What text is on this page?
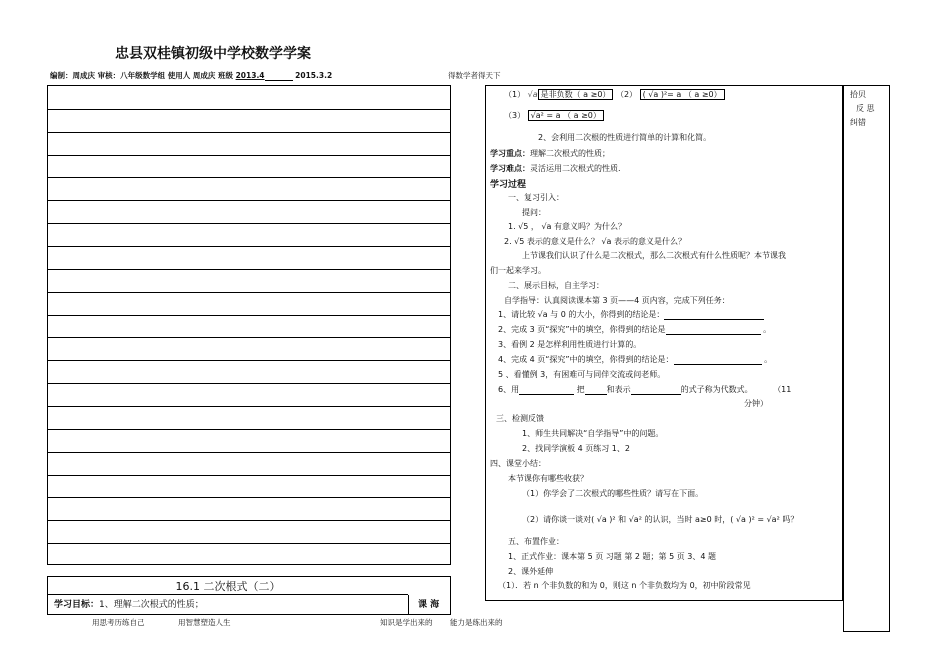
忠县双桂镇初级中学校数学学案
编制：周成庆 审核：八年级数学组 使用人 周成庆 班级 2013.4	2015.3.2	得数学者得天下
16.1 二次根式（二）
学习目标：1、理解二次根式的性质；	课 海
（1） √a 是非负数（ a ≥0） （2） ( √a )²= a （ a ≥0）
（3） √a² = a （ a ≥0）
2、会利用二次根的性质进行简单的计算和化简。
学习重点：理解二次根式的性质；
学习难点：灵活运用二次根式的性质.
学习过程
一、复习引入：
提问：
1. √5 ， √a 有意义吗？为什么？
2. √5 表示的意义是什么？ √a 表示的意义是什么？
上节课我们认识了什么是二次根式，那么二次根式有什么性质呢？本节课我
们一起来学习。
二、展示目标，自主学习：
自学指导：认真阅读课本第 3 页——4 页内容，完成下列任务：
1、请比较 √a 与 0 的大小，你得到的结论是：
2、完成 3 页“探究”中的填空，你得到的结论是	。
3、看例 2 是怎样利用性质进行计算的。
4、完成 4 页“探究”中的填空，你得到的结论是：	。
5 、看懂例 3，有困难可与同伴交流或问老师。
6、用	把	和表示	的式子称为代数式。	（11
分钟）
三、检测反馈
1、师生共同解决“自学指导”中的问题。
2、找同学演板 4 页练习 1、2
四、课堂小结：
本节课你有哪些收获？
（1）你学会了二次根式的哪些性质？请写在下面。
（2）请你谈一谈对( √a )² 和 √a² 的认识，当时 a≥0 时，( √a )² = √a² 吗？
五、布置作业：
1、正式作业：课本第 5 页 习题 第 2 题；第 5 页 3、4 题
2、课外延伸
（1）．若 n 个非负数的和为 0，则这 n 个非负数均为 0，初中阶段常见
拾贝
反 思
纠错
用思考历练自己	用智慧塑造人生	知识是学出来的 能力是练出来的
